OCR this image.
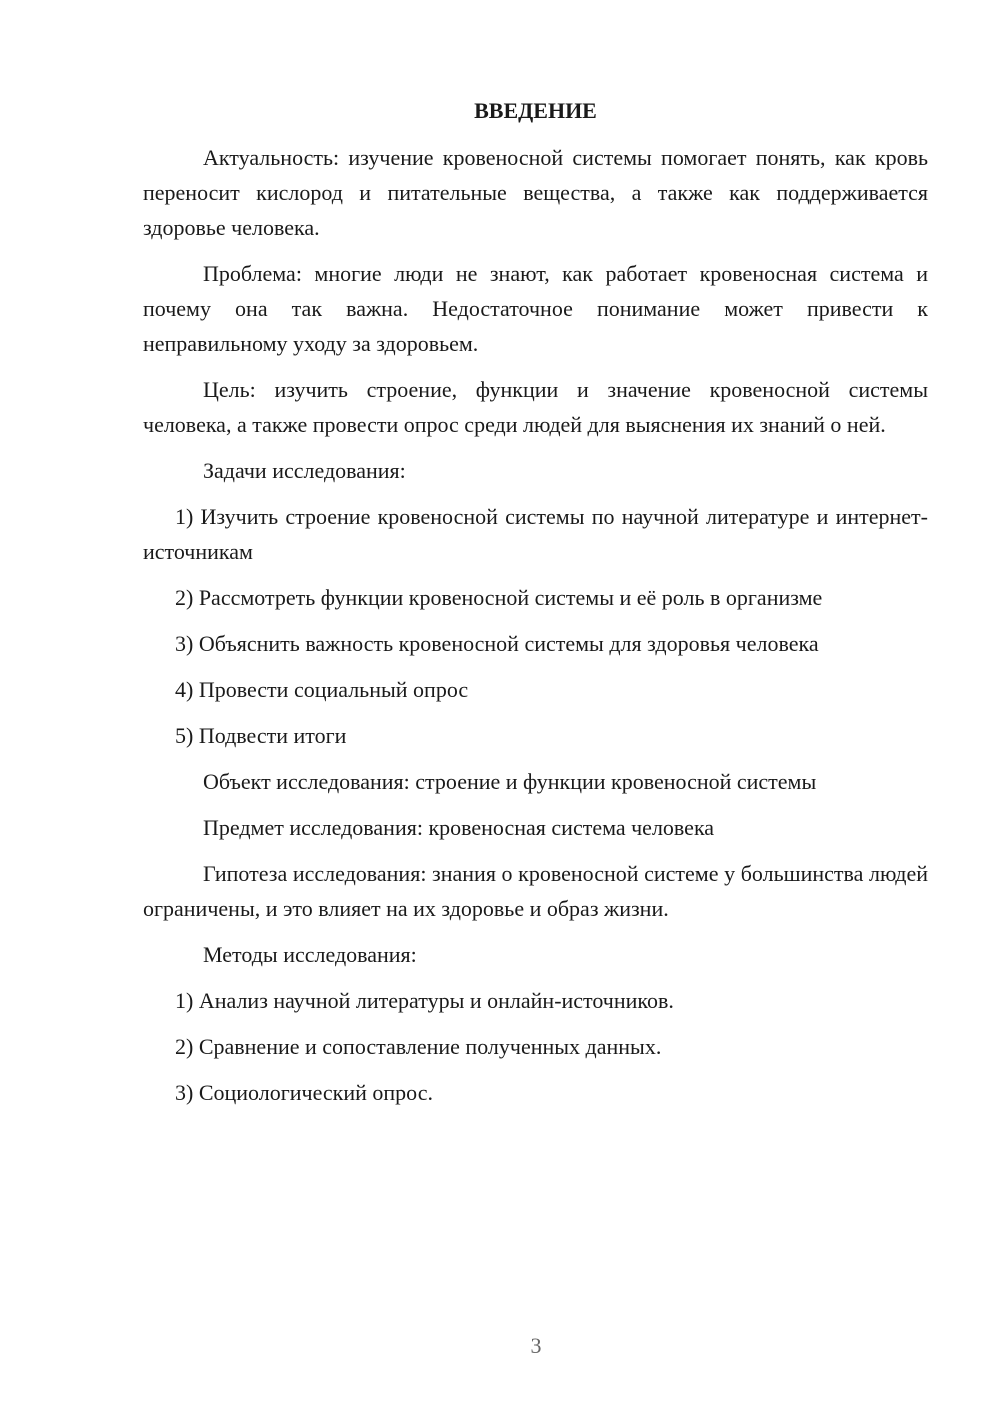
ВВЕДЕНИЕ
Актуальность: изучение кровеносной системы помогает понять, как кровь переносит кислород и питательные вещества, а также как поддерживается здоровье человека.
Проблема: многие люди не знают, как работает кровеносная система и почему она так важна. Недостаточное понимание может привести к неправильному уходу за здоровьем.
Цель: изучить строение, функции и значение кровеносной системы человека, а также провести опрос среди людей для выяснения их знаний о ней.
Задачи исследования:
1) Изучить строение кровеносной системы по научной литературе и интернет-источникам
2) Рассмотреть функции кровеносной системы и её роль в организме
3) Объяснить важность кровеносной системы для здоровья человека
4) Провести социальный опрос
5) Подвести итоги
Объект исследования: строение и функции кровеносной системы
Предмет исследования: кровеносная система человека
Гипотеза исследования: знания о кровеносной системе у большинства людей ограничены, и это влияет на их здоровье и образ жизни.
Методы исследования:
1) Анализ научной литературы и онлайн-источников.
2) Сравнение и сопоставление полученных данных.
3) Социологический опрос.
3
